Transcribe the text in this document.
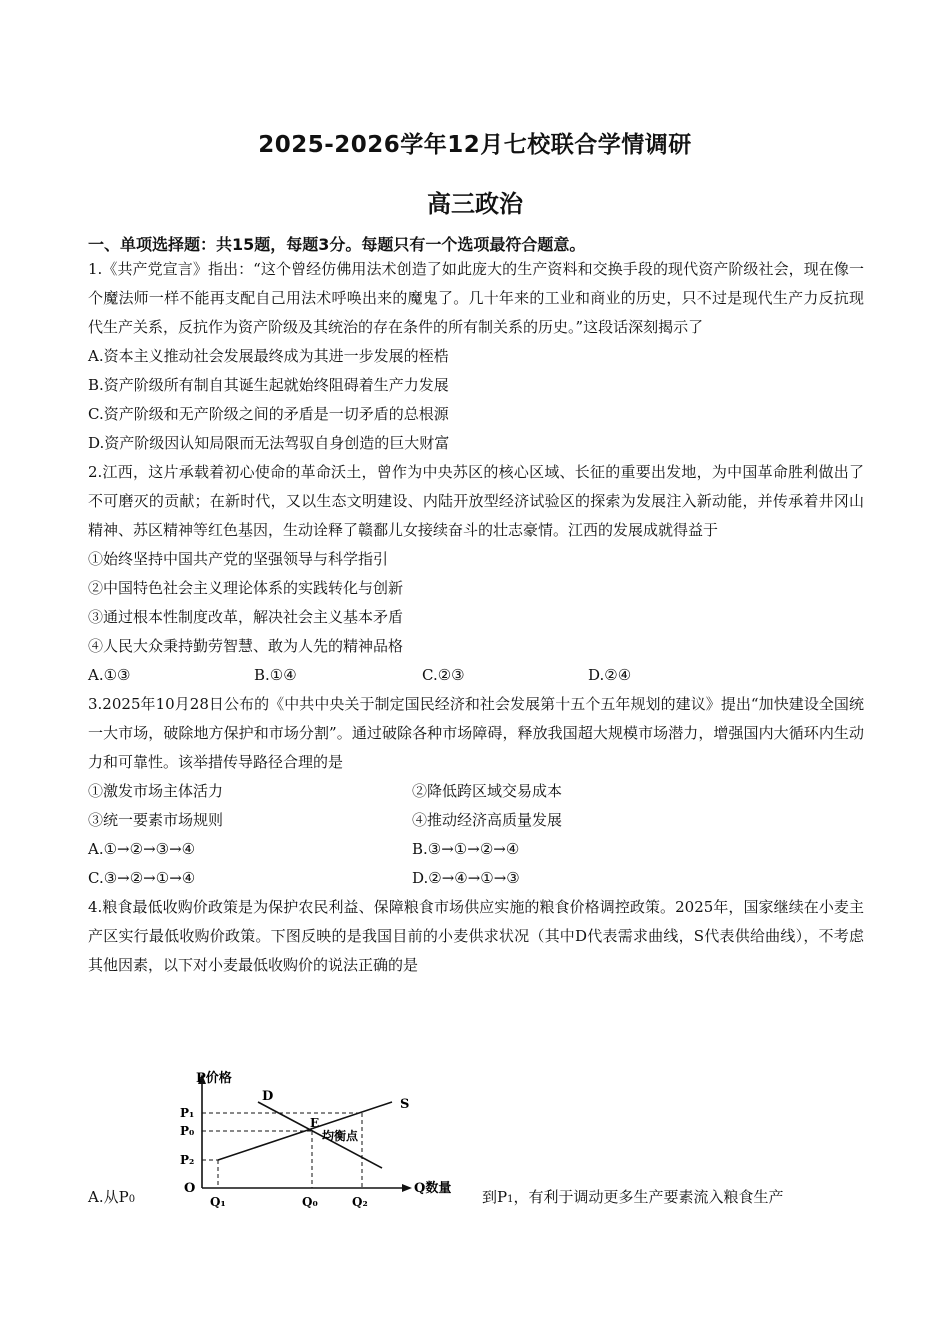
2025-2026学年12月七校联合学情调研
高三政治
一、单项选择题：共15题，每题3分。每题只有一个选项最符合题意。

1.《共产党宣言》指出：“这个曾经仿佛用法术创造了如此庞大的生产资料和交换手段的现代资产阶级社会，现在像一个魔法师一样不能再支配自己用法术呼唤出来的魔鬼了。几十年来的工业和商业的历史，只不过是现代生产力反抗现代生产关系，反抗作为资产阶级及其统治的存在条件的所有制关系的历史。”这段话深刻揭示了

A.资本主义推动社会发展最终成为其进一步发展的桎梏

B.资产阶级所有制自其诞生起就始终阻碍着生产力发展

C.资产阶级和无产阶级之间的矛盾是一切矛盾的总根源

D.资产阶级因认知局限而无法驾驭自身创造的巨大财富

2.江西，这片承载着初心使命的革命沃土，曾作为中央苏区的核心区域、长征的重要出发地，为中国革命胜利做出了不可磨灭的贡献；在新时代，又以生态文明建设、内陆开放型经济试验区的探索为发展注入新动能，并传承着井冈山精神、苏区精神等红色基因，生动诠释了赣鄱儿女接续奋斗的壮志豪情。江西的发展成就得益于

①始终坚持中国共产党的坚强领导与科学指引

②中国特色社会主义理论体系的实践转化与创新

③通过根本性制度改革，解决社会主义基本矛盾

④人民大众秉持勤劳智慧、敢为人先的精神品格

A.①③	B.①④	C.②③	D.②④

3.2025年10月28日公布的《中共中央关于制定国民经济和社会发展第十五个五年规划的建议》提出“加快建设全国统一大市场，破除地方保护和市场分割”。通过破除各种市场障碍，释放我国超大规模市场潜力，增强国内大循环内生动力和可靠性。该举措传导路径合理的是

①激发市场主体活力	②降低跨区域交易成本
③统一要素市场规则	④推动经济高质量发展
A.①→②→③→④	B.③→①→②→④
C.③→②→①→④	D.②→④→①→③

4.粮食最低收购价政策是为保护农民利益、保障粮食市场供应实施的粮食价格调控政策。2025年，国家继续在小麦主产区实行最低收购价政策。下图反映的是我国目前的小麦供求状况（其中D代表需求曲线，S代表供给曲线），不考虑其他因素，以下对小麦最低收购价的说法正确的是

A.从P0
P价格
Q数量
O
P₁
P₀
P₂
Q₁	Q₀	Q₂
D
S
E
均衡点
到P1，有利于调动更多生产要素流入粮食生产
